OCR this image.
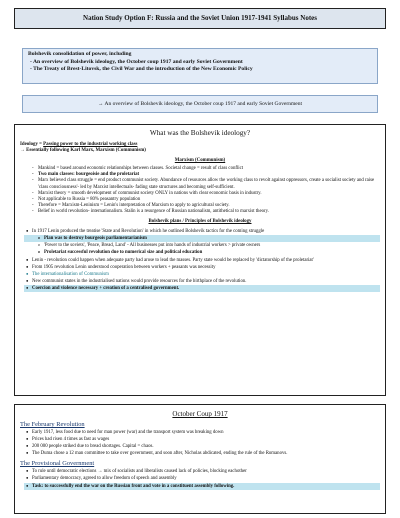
Nation Study Option F: Russia and the Soviet Union 1917-1941 Syllabus Notes
Bolshevik consolidation of power, including
- An overview of Bolshevik ideology, the October coup 1917 and early Soviet Government
- The Treaty of Brest-Litovsk, the Civil War and the introduction of the New Economic Policy
→ An overview of Bolshevik ideology, the October coup 1917 and early Soviet Government
What was the Bolshevik ideology?
Ideology = Passing power to the industrial working class
→ Essentially following Karl Marx, Marxism (Communism)
Marxism (Communism)
- Mankind = based around economic relationships between classes. Societal change = result of class conflict
- Two main classes: bourgeoisie and the proletariat
- Marx believed class struggle = end product communist society. Abundance of resources allow the working class to revolt against oppressors, create a socialist society and raise 'class consciousness'- led by Marxist intellectuals- fading state structures and becoming self-sufficient.
- Marxist theory = smooth development of communist society ONLY in nations with clear economic basis in industry.
- Not applicable to Russia = 80% peasantry population
- Therefore = Marxism-Leninism = Lenin's interpretation of Marxism to apply to agricultural society.
- Belief in world revolution- internationalism. Stalin is a resurgence of Russian nationalism, antithetical to marxist theory.
Bolshevik plans / Principles of Bolshevik ideology
● In 1917 Lenin produced the treatise 'State and Revolution' in which he outlined Bolshevik tactics for the coming struggle
o Plan was to destroy bourgeois parliamentarianism
o 'Power to the soviets', 'Peace, Bread, Land' - All businesses put into hands of industrial workers > private owners
o Proletariat successful revolution due to numerical size and political education
● Lenin - revolution could happen when adequate party had arose to lead the masses. Party state would be replaced by 'dictatorship of the proletariat'
● From 1905 revolution Lenin understood cooperation between workers + peasants was necessity
● The internationalisation of Communism
● New communist states in the industrialised nations would provide resources for the birthplace of the revolution.
● Coercion and violence necessary + creation of a centralised government.
October Coup 1917
The February Revolution
● Early 1917, less food due to need for man power (war) and the transport system was breaking down
● Prices had risen 4 times as fast as wages
● 200 000 people striked due to bread shortages. Capital = chaos.
● The Duma chose a 12 man committee to take over government, and soon after, Nicholas abdicated, ending the rule of the Romanovs.
The Provisional Government
● To rule until democratic elections → mix of socialists and liberalists caused lack of policies, blocking eachother
● Parliamentary democracy, agreed to allow freedom of speech and assembly
● Task: to successfully end the war on the Russian front and vote in a constituent assembly following.
